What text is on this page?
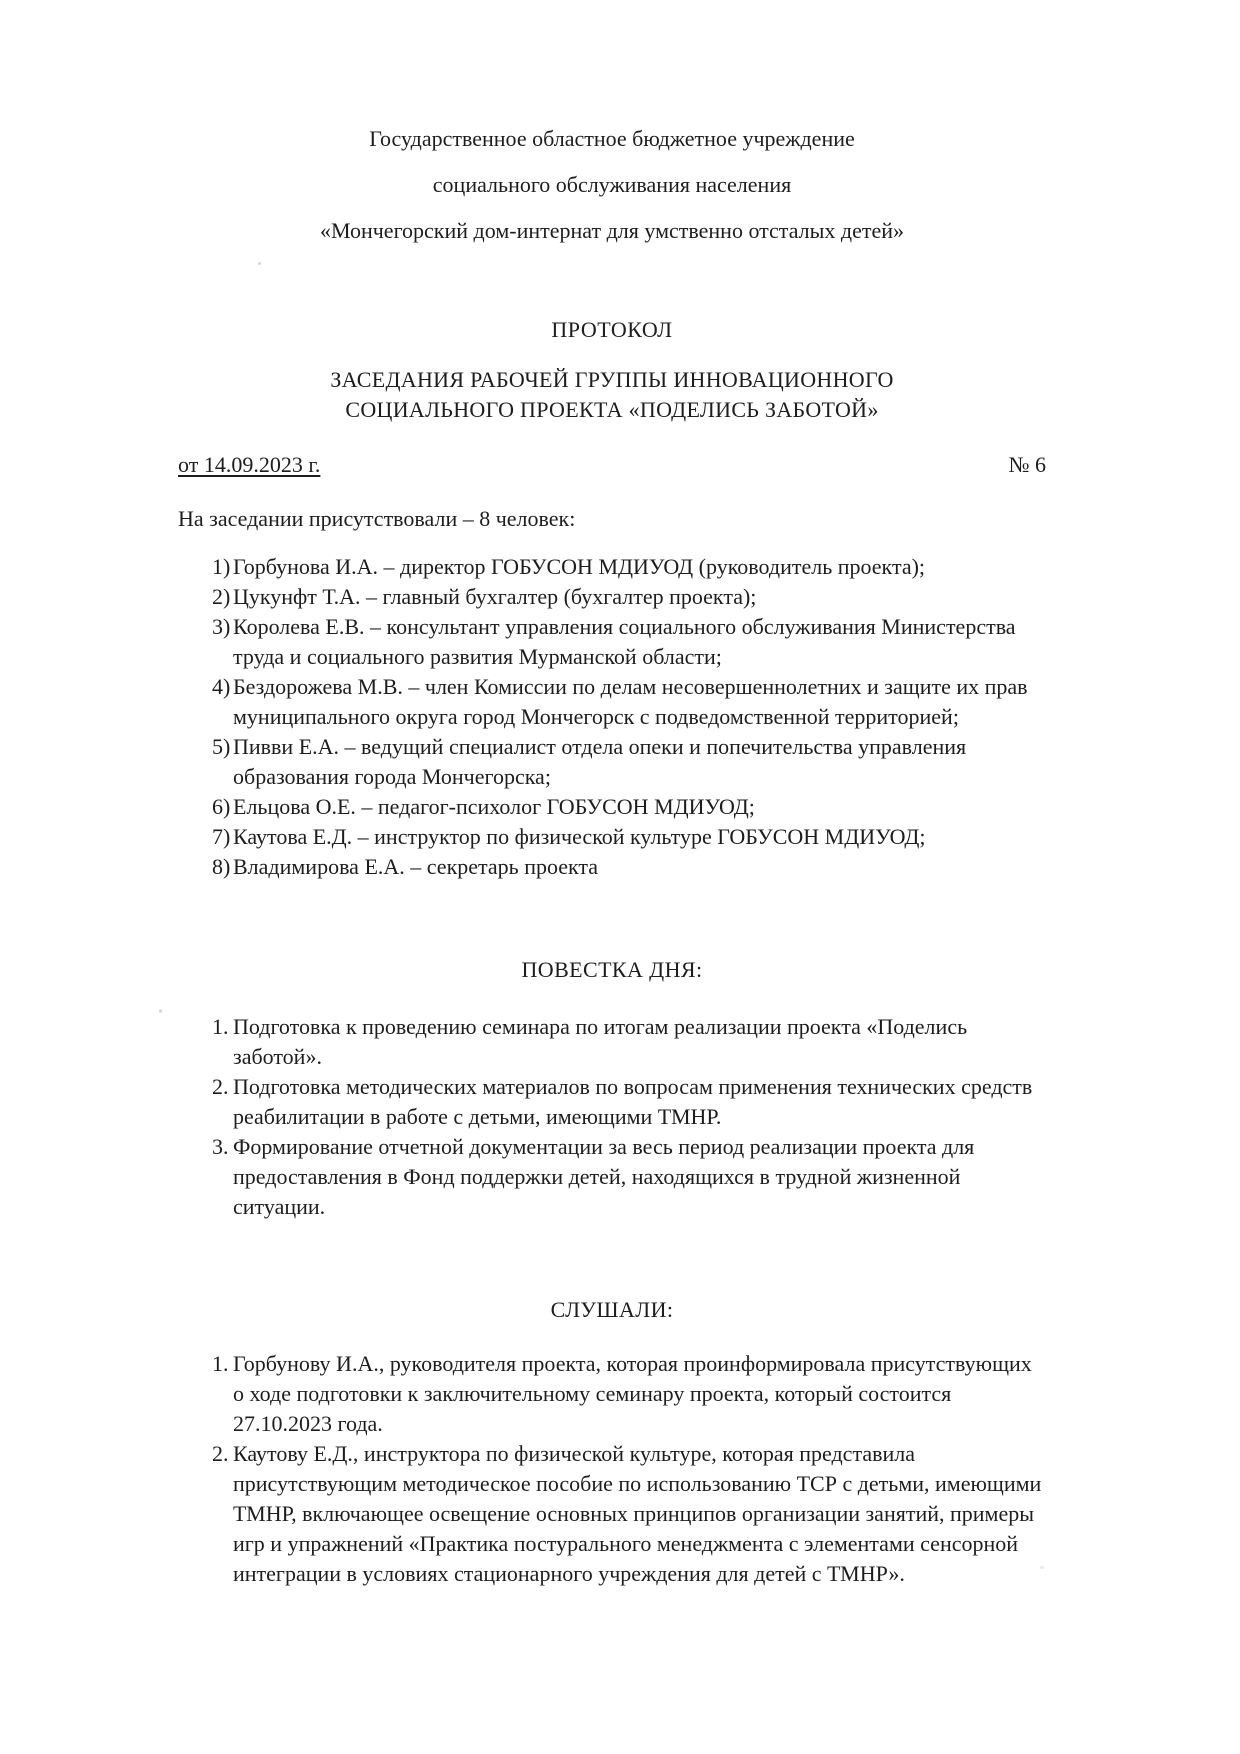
Государственное областное бюджетное учреждение
социального обслуживания населения
«Мончегорский дом-интернат для умственно отсталых детей»
ПРОТОКОЛ
ЗАСЕДАНИЯ РАБОЧЕЙ ГРУППЫ ИННОВАЦИОННОГО
СОЦИАЛЬНОГО ПРОЕКТА «ПОДЕЛИСЬ ЗАБОТОЙ»
от 14.09.2023 г.	№ 6
На заседании присутствовали – 8 человек:
1) Горбунова И.А. – директор ГОБУСОН МДИУОД (руководитель проекта);
2) Цукунфт Т.А. – главный бухгалтер (бухгалтер проекта);
3) Королева Е.В. – консультант управления социального обслуживания Министерства труда и социального развития Мурманской области;
4) Бездорожева М.В. – член Комиссии по делам несовершеннолетних и защите их прав муниципального округа город Мончегорск с подведомственной территорией;
5) Пивви Е.А. – ведущий специалист отдела опеки и попечительства управления образования города Мончегорска;
6) Ельцова О.Е. – педагог-психолог ГОБУСОН МДИУОД;
7) Каутова Е.Д. – инструктор по физической культуре ГОБУСОН МДИУОД;
8) Владимирова Е.А. – секретарь проекта
ПОВЕСТКА ДНЯ:
1. Подготовка к проведению семинара по итогам реализации проекта «Поделись заботой».
2. Подготовка методических материалов по вопросам применения технических средств реабилитации в работе с детьми, имеющими ТМНР.
3. Формирование отчетной документации за весь период реализации проекта для предоставления в Фонд поддержки детей, находящихся в трудной жизненной ситуации.
СЛУШАЛИ:
1. Горбунову И.А., руководителя проекта, которая проинформировала присутствующих о ходе подготовки к заключительному семинару проекта, который состоится 27.10.2023 года.
2. Каутову Е.Д., инструктора по физической культуре, которая представила присутствующим методическое пособие по использованию ТСР с детьми, имеющими ТМНР, включающее освещение основных принципов организации занятий, примеры игр и упражнений «Практика постурального менеджмента с элементами сенсорной интеграции в условиях стационарного учреждения для детей с ТМНР».
